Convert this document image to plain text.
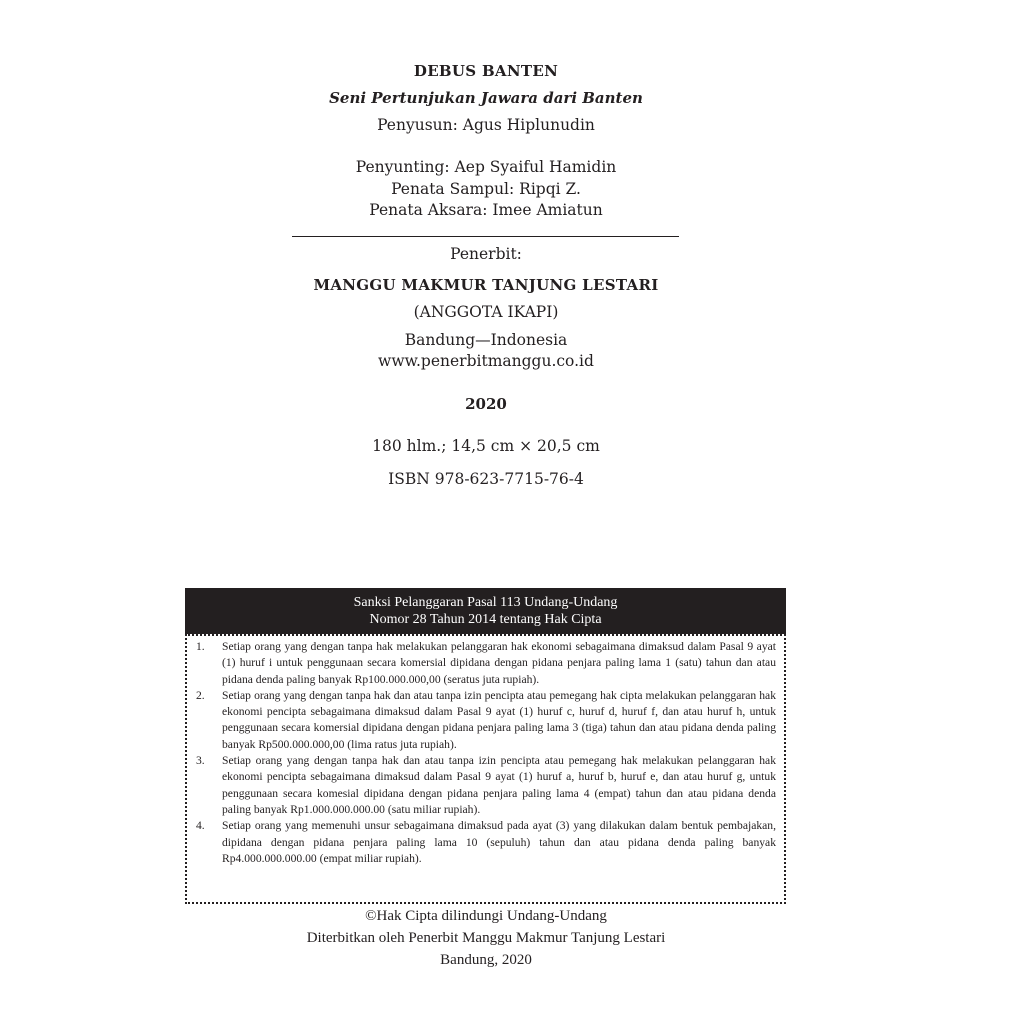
DEBUS BANTEN
Seni Pertunjukan Jawara dari Banten
Penyusun: Agus Hiplunudin
Penyunting: Aep Syaiful Hamidin
Penata Sampul: Ripqi Z.
Penata Aksara: Imee Amiatun
Penerbit:
MANGGU MAKMUR TANJUNG LESTARI
(ANGGOTA IKAPI)
Bandung—Indonesia
www.penerbitmanggu.co.id
2020
180 hlm.; 14,5 cm × 20,5 cm
ISBN 978-623-7715-76-4
Sanksi Pelanggaran Pasal 113 Undang-Undang
Nomor 28 Tahun 2014 tentang Hak Cipta
1. Setiap orang yang dengan tanpa hak melakukan pelanggaran hak ekonomi sebagaimana dimaksud dalam Pasal 9 ayat (1) huruf i untuk penggunaan secara komersial dipidana dengan pidana penjara paling lama 1 (satu) tahun dan atau pidana denda paling banyak Rp100.000.000,00 (seratus juta rupiah).
2. Setiap orang yang dengan tanpa hak dan atau tanpa izin pencipta atau pemegang hak cipta melakukan pelanggaran hak ekonomi pencipta sebagaimana dimaksud dalam Pasal 9 ayat (1) huruf c, huruf d, huruf f, dan atau huruf h, untuk penggunaan secara komersial dipidana dengan pidana penjara paling lama 3 (tiga) tahun dan atau pidana denda paling banyak Rp500.000.000,00 (lima ratus juta rupiah).
3. Setiap orang yang dengan tanpa hak dan atau tanpa izin pencipta atau pemegang hak melakukan pelanggaran hak ekonomi pencipta sebagaimana dimaksud dalam Pasal 9 ayat (1) huruf a, huruf b, huruf e, dan atau huruf g, untuk penggunaan secara komesial dipidana dengan pidana penjara paling lama 4 (empat) tahun dan atau pidana denda paling banyak Rp1.000.000.000.00 (satu miliar rupiah).
4. Setiap orang yang memenuhi unsur sebagaimana dimaksud pada ayat (3) yang dilakukan dalam bentuk pembajakan, dipidana dengan pidana penjara paling lama 10 (sepuluh) tahun dan atau pidana denda paling banyak Rp4.000.000.000.00 (empat miliar rupiah).
©Hak Cipta dilindungi Undang-Undang
Diterbitkan oleh Penerbit Manggu Makmur Tanjung Lestari
Bandung, 2020
